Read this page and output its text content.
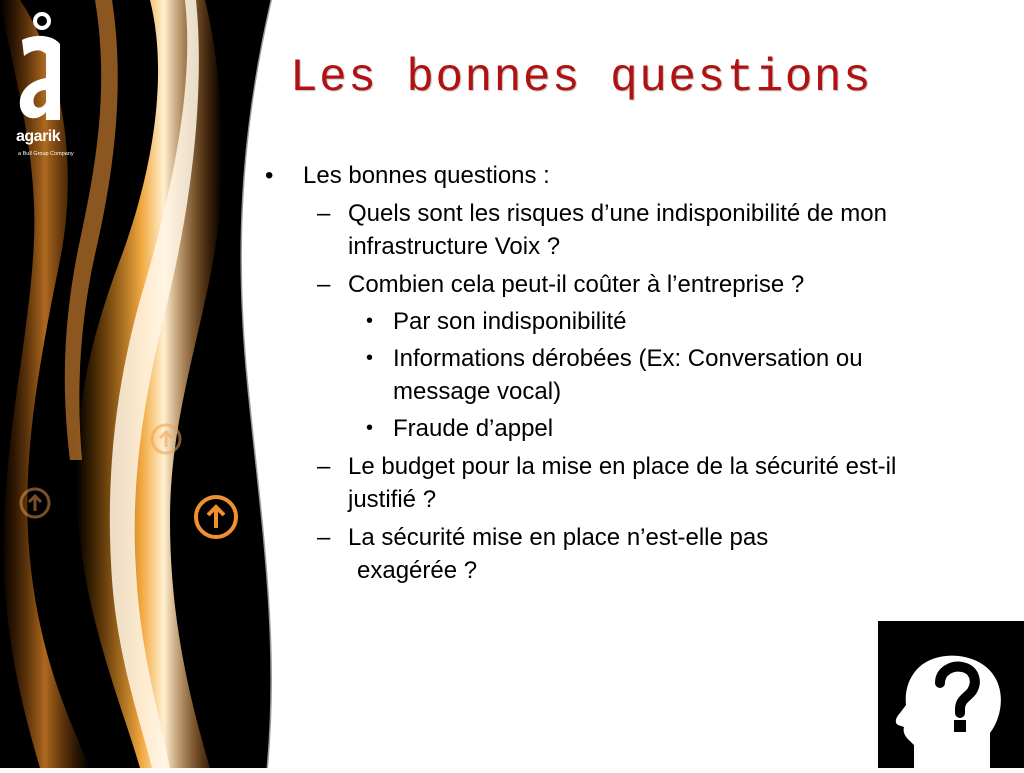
agarik
a Bull Group Company
Les bonnes questions
• Les bonnes questions :
– Quels sont les risques d’une indisponibilité de mon infrastructure Voix ?
– Combien cela peut-il coûter à l’entreprise ?
• Par son indisponibilité
• Informations dérobées (Ex: Conversation ou message vocal)
• Fraude d’appel
– Le budget pour la mise en place de la sécurité est-il justifié ?
– La sécurité mise en place n’est-elle pas
exagérée ?
